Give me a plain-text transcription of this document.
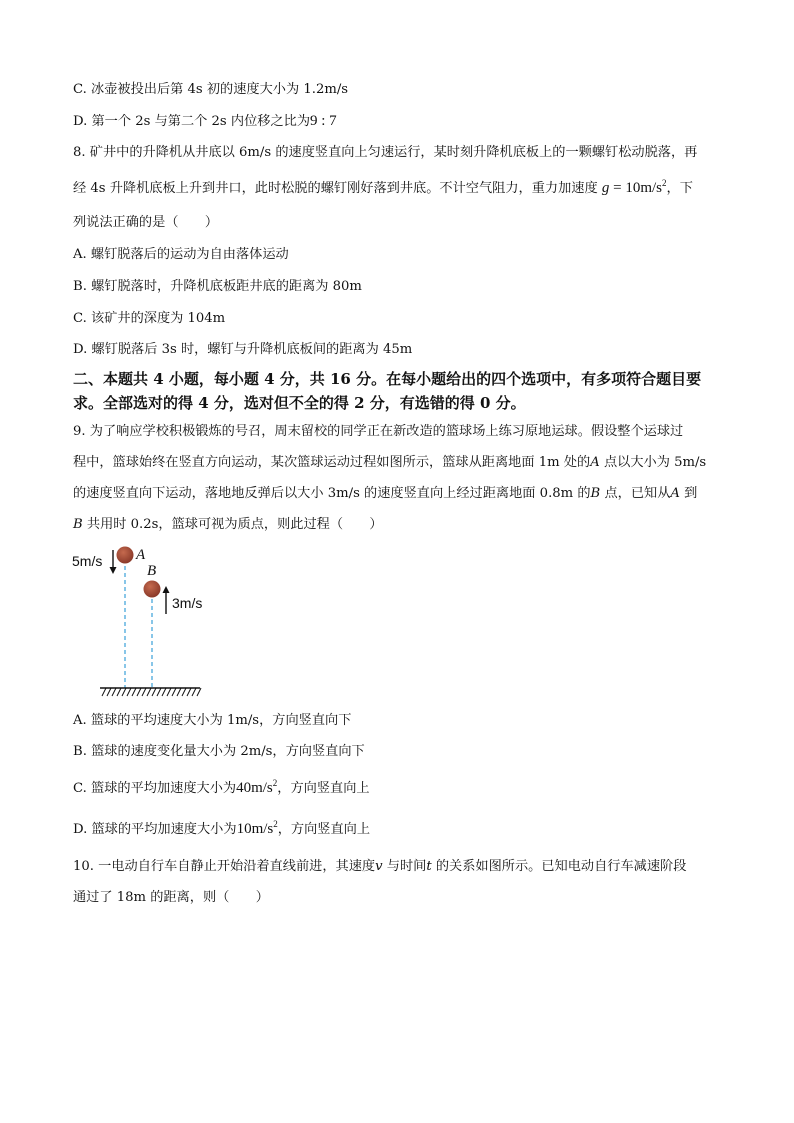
C. 冰壶被投出后第 4s 初的速度大小为 1.2m/s
D. 第一个 2s 与第二个 2s 内位移之比为9 : 7
8. 矿井中的升降机从井底以 6m/s 的速度竖直向上匀速运行，某时刻升降机底板上的一颗螺钉松动脱落，再
经 4s 升降机底板上升到井口，此时松脱的螺钉刚好落到井底。不计空气阻力，重力加速度 $g = 10m/s^2$，下
列说法正确的是（　　）
A. 螺钉脱落后的运动为自由落体运动
B. 螺钉脱落时，升降机底板距井底的距离为 80m
C. 该矿井的深度为 104m
D. 螺钉脱落后 3s 时，螺钉与升降机底板间的距离为 45m
二、本题共 4 小题，每小题 4 分，共 16 分。在每小题给出的四个选项中，有多项符合题目要
求。全部选对的得 4 分，选对但不全的得 2 分，有选错的得 0 分。
9. 为了响应学校积极锻炼的号召，周末留校的同学正在新改造的篮球场上练习原地运球。假设整个运球过
程中，篮球始终在竖直方向运动，某次篮球运动过程如图所示，篮球从距离地面 1m 处的A 点以大小为 5m/s
的速度竖直向下运动，落地地反弹后以大小 3m/s 的速度竖直向上经过距离地面 0.8m 的B 点，已知从A 到
B 共用时 0.2s，篮球可视为质点，则此过程（　　）
5m/s A
B
3m/s
A. 篮球的平均速度大小为 1m/s，方向竖直向下
B. 篮球的速度变化量大小为 2m/s，方向竖直向下
C. 篮球的平均加速度大小为$40m/s^2$，方向竖直向上
D. 篮球的平均加速度大小为$10m/s^2$，方向竖直向上
10. 一电动自行车自静止开始沿着直线前进，其速度v 与时间t 的关系如图所示。已知电动自行车减速阶段
通过了 18m 的距离，则（　　）
